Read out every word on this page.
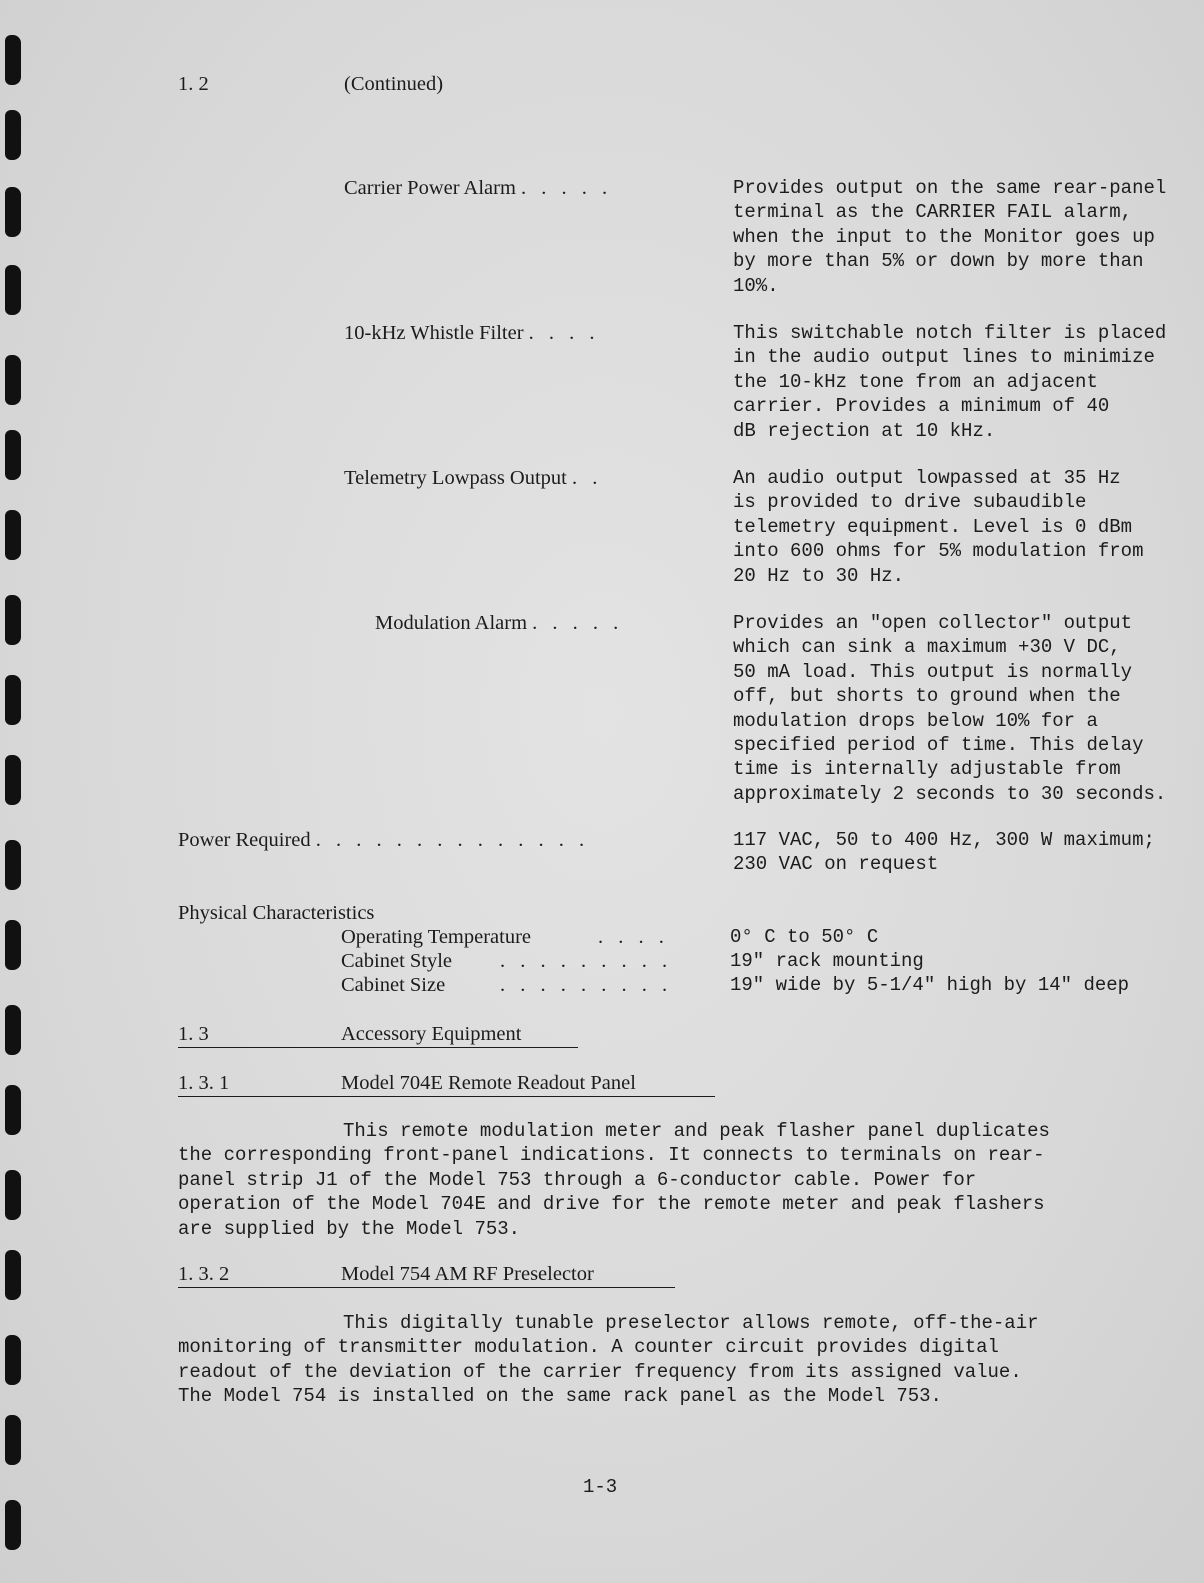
1. 2	(Continued)
Carrier Power Alarm . . . . .	Provides output on the same rear-panel
terminal as the CARRIER FAIL alarm,
when the input to the Monitor goes up
by more than 5% or down by more than
10%.
10-kHz Whistle Filter . . . .	This switchable notch filter is placed
in the audio output lines to minimize
the 10-kHz tone from an adjacent
carrier. Provides a minimum of 40
dB rejection at 10 kHz.
Telemetry Lowpass Output . .	An audio output lowpassed at 35 Hz
is provided to drive subaudible
telemetry equipment. Level is 0 dBm
into 600 ohms for 5% modulation from
20 Hz to 30 Hz.
Modulation Alarm . . . . .	Provides an "open collector" output
which can sink a maximum +30 V DC,
50 mA load. This output is normally
off, but shorts to ground when the
modulation drops below 10% for a
specified period of time. This delay
time is internally adjustable from
approximately 2 seconds to 30 seconds.
Power Required . . . . . . . . . . . . . .	117 VAC, 50 to 400 Hz, 300 W maximum;
230 VAC on request
Physical Characteristics
Operating Temperature	. . . .	0° C to 50° C
Cabinet Style . . . . . . . . .	19" rack mounting
Cabinet Size	. . . . . . . . .	19" wide by 5-1/4" high by 14" deep
1. 3	Accessory Equipment
1. 3. 1	Model 704E Remote Readout Panel
This remote modulation meter and peak flasher panel duplicates
the corresponding front-panel indications. It connects to terminals on rear-
panel strip J1 of the Model 753 through a 6-conductor cable. Power for
operation of the Model 704E and drive for the remote meter and peak flashers
are supplied by the Model 753.
1. 3. 2	Model 754 AM RF Preselector
This digitally tunable preselector allows remote, off-the-air
monitoring of transmitter modulation. A counter circuit provides digital
readout of the deviation of the carrier frequency from its assigned value.
The Model 754 is installed on the same rack panel as the Model 753.
1-3
